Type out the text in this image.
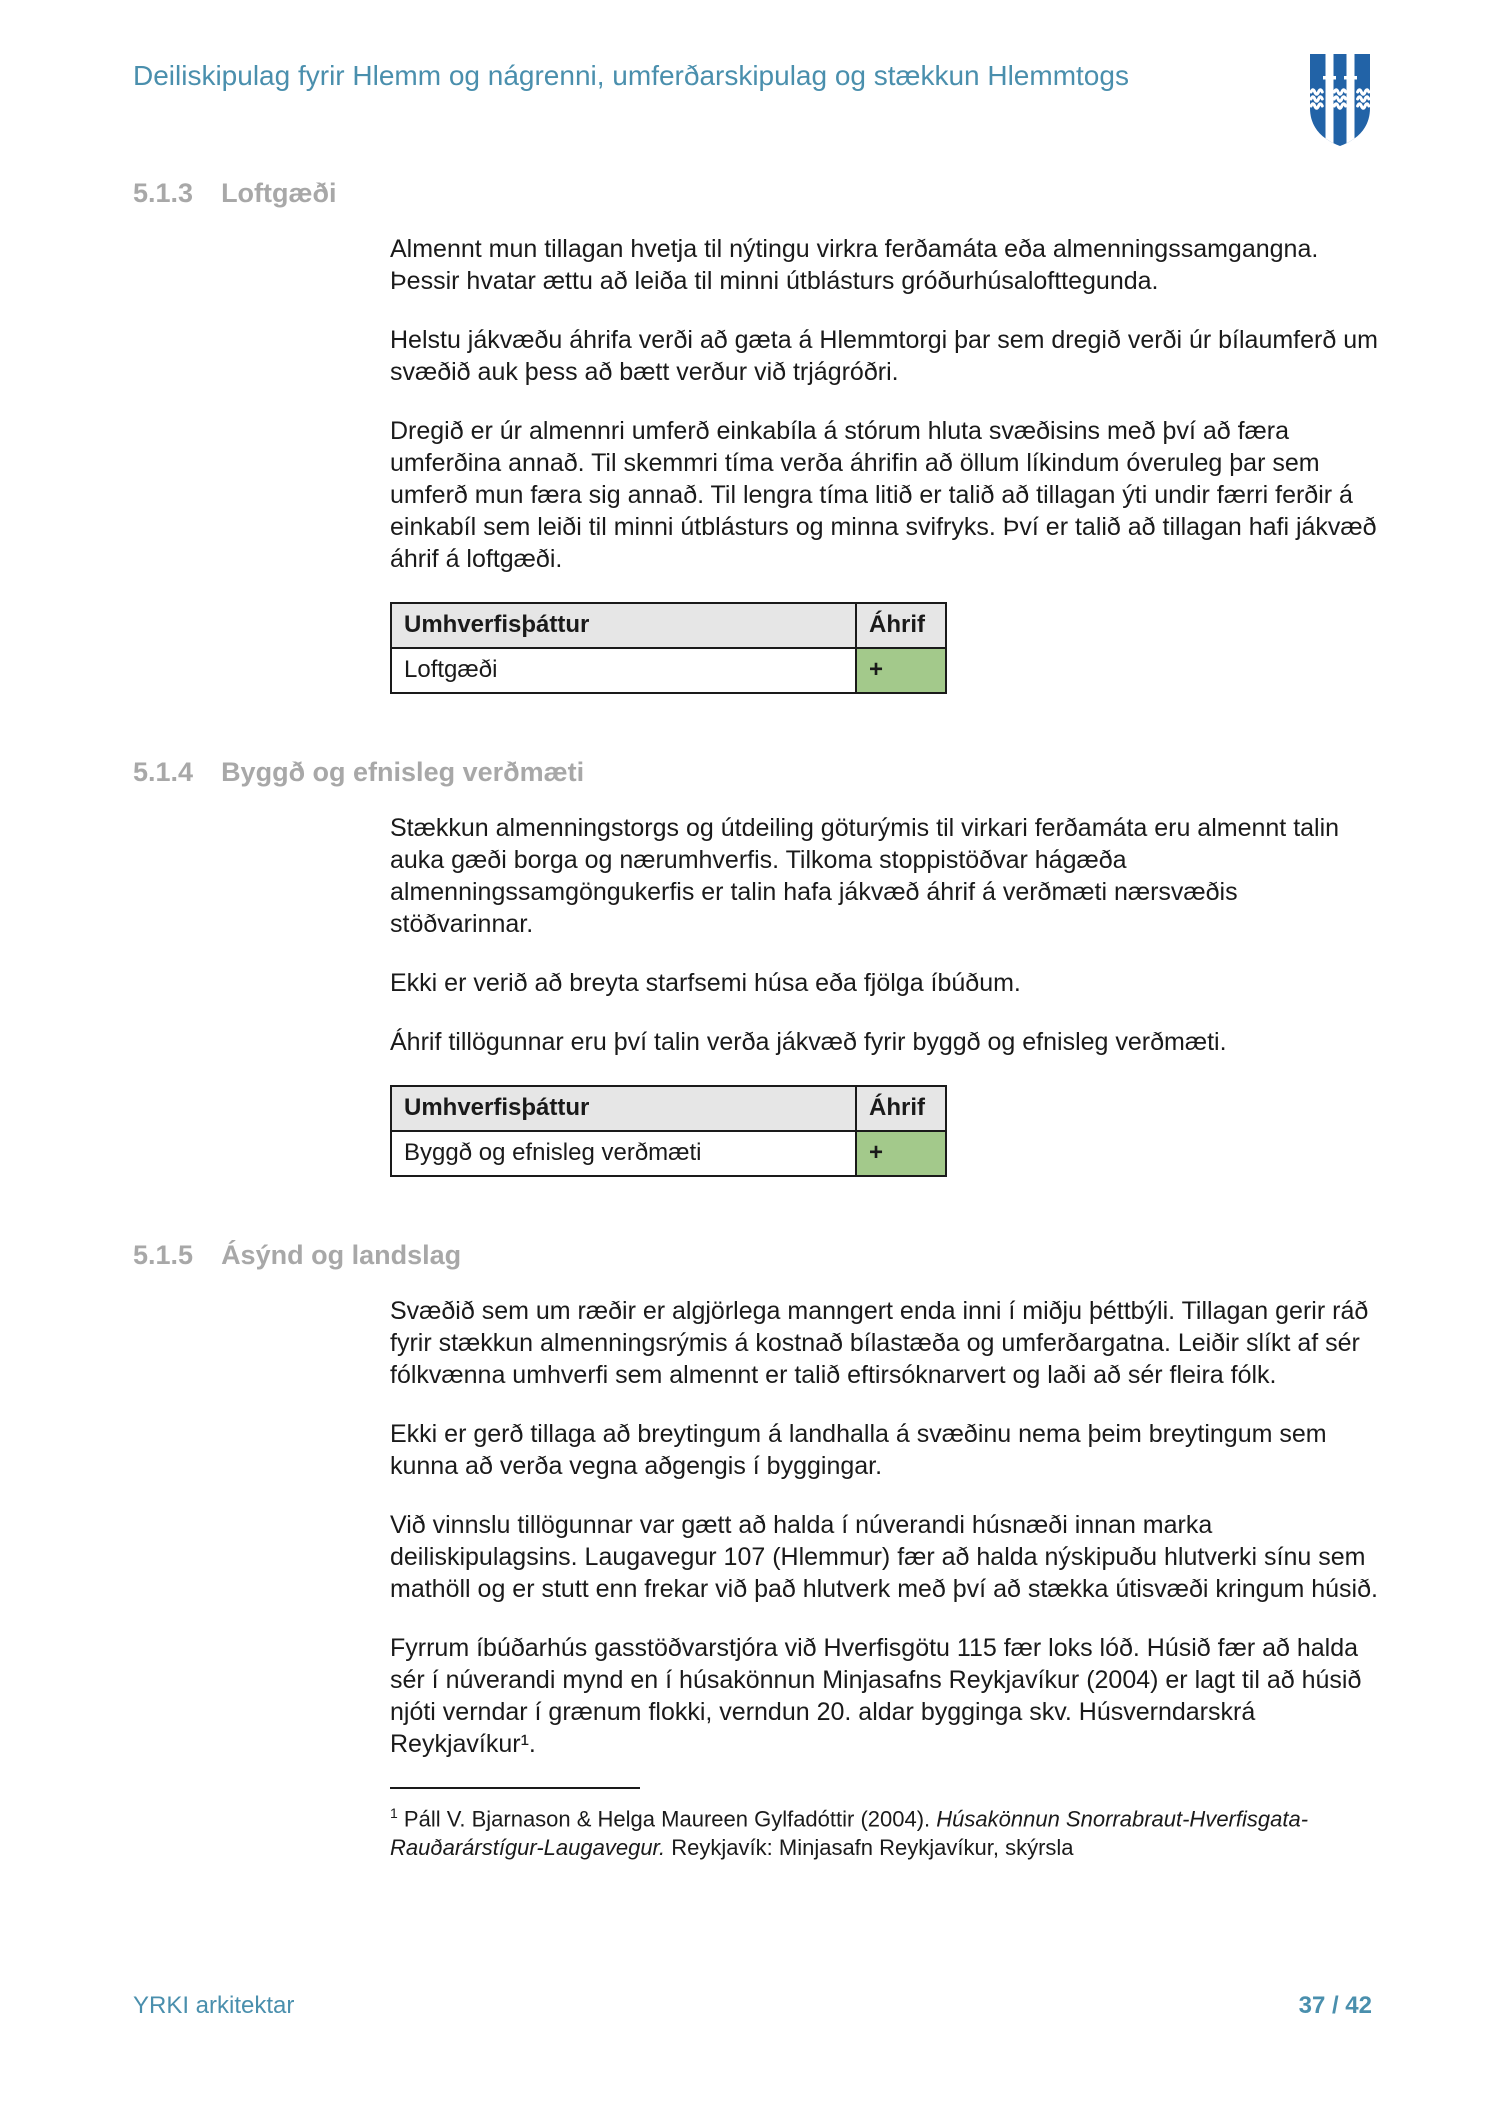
Deiliskipulag fyrir Hlemm og nágrenni, umferðarskipulag og stækkun Hlemmtogs
5.1.3 Loftgæði

Almennt mun tillagan hvetja til nýtingu virkra ferðamáta eða almenningssamgangna. Þessir hvatar ættu að leiða til minni útblásturs gróðurhúsalofttegunda.

Helstu jákvæðu áhrifa verði að gæta á Hlemmtorgi þar sem dregið verði úr bílaumferð um svæðið auk þess að bætt verður við trjágróðri.

Dregið er úr almennri umferð einkabíla á stórum hluta svæðisins með því að færa umferðina annað. Til skemmri tíma verða áhrifin að öllum líkindum óveruleg þar sem umferð mun færa sig annað. Til lengra tíma litið er talið að tillagan ýti undir færri ferðir á einkabíl sem leiði til minni útblásturs og minna svifryks. Því er talið að tillagan hafi jákvæð áhrif á loftgæði.

Umhverfisþáttur	Áhrif
Loftgæði	+
5.1.4 Byggð og efnisleg verðmæti

Stækkun almenningstorgs og útdeiling göturýmis til virkari ferðamáta eru almennt talin auka gæði borga og nærumhverfis. Tilkoma stoppistöðvar hágæða almenningssamgöngukerfis er talin hafa jákvæð áhrif á verðmæti nærsvæðis stöðvarinnar.

Ekki er verið að breyta starfsemi húsa eða fjölga íbúðum.

Áhrif tillögunnar eru því talin verða jákvæð fyrir byggð og efnisleg verðmæti.

Umhverfisþáttur	Áhrif
Byggð og efnisleg verðmæti	+
5.1.5 Ásýnd og landslag

Svæðið sem um ræðir er algjörlega manngert enda inni í miðju þéttbýli. Tillagan gerir ráð fyrir stækkun almenningsrýmis á kostnað bílastæða og umferðargatna. Leiðir slíkt af sér fólkvænna umhverfi sem almennt er talið eftirsóknarvert og laði að sér fleira fólk.

Ekki er gerð tillaga að breytingum á landhalla á svæðinu nema þeim breytingum sem kunna að verða vegna aðgengis í byggingar.

Við vinnslu tillögunnar var gætt að halda í núverandi húsnæði innan marka deiliskipulagsins. Laugavegur 107 (Hlemmur) fær að halda nýskipuðu hlutverki sínu sem mathöll og er stutt enn frekar við það hlutverk með því að stækka útisvæði kringum húsið.

Fyrrum íbúðarhús gasstöðvarstjóra við Hverfisgötu 115 fær loks lóð. Húsið fær að halda sér í núverandi mynd en í húsakönnun Minjasafns Reykjavíkur (2004) er lagt til að húsið njóti verndar í grænum flokki, verndun 20. aldar bygginga skv. Húsverndarskrá Reykjavíkur¹.

$^1$ Páll V. Bjarnason & Helga Maureen Gylfadóttir (2004). Húsakönnun Snorrabraut-Hverfisgata-Rauðarárstígur-Laugavegur. Reykjavík: Minjasafn Reykjavíkur, skýrsla
YRKI arkitektar	37 / 42
